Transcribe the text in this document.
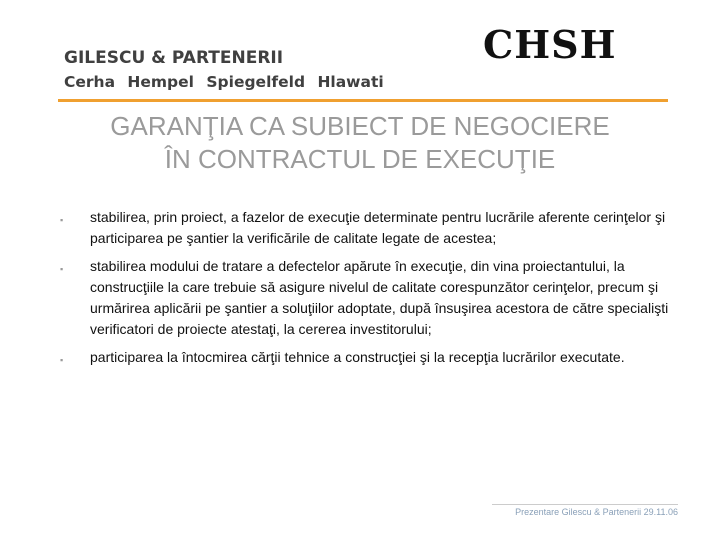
GILESCU & PARTENERII
Cerha Hempel Spiegelfeld Hlawati
CHSH
GARANŢIA CA SUBIECT DE NEGOCIERE
ÎN CONTRACTUL DE EXECUŢIE
▪ stabilirea, prin proiect, a fazelor de execuţie determinate pentru lucrările aferente cerinţelor şi participarea pe şantier la verificările de calitate legate de acestea;
▪ stabilirea modului de tratare a defectelor apărute în execuţie, din vina proiectantului, la construcţiile la care trebuie să asigure nivelul de calitate corespunzător cerinţelor, precum şi urmărirea aplicării pe şantier a soluţiilor adoptate, după însuşirea acestora de către specialişti verificatori de proiecte atestaţi, la cererea investitorului;
▪ participarea la întocmirea cărţii tehnice a construcţiei şi la recepţia lucrărilor executate.
Prezentare Gilescu & Partenerii 29.11.06
